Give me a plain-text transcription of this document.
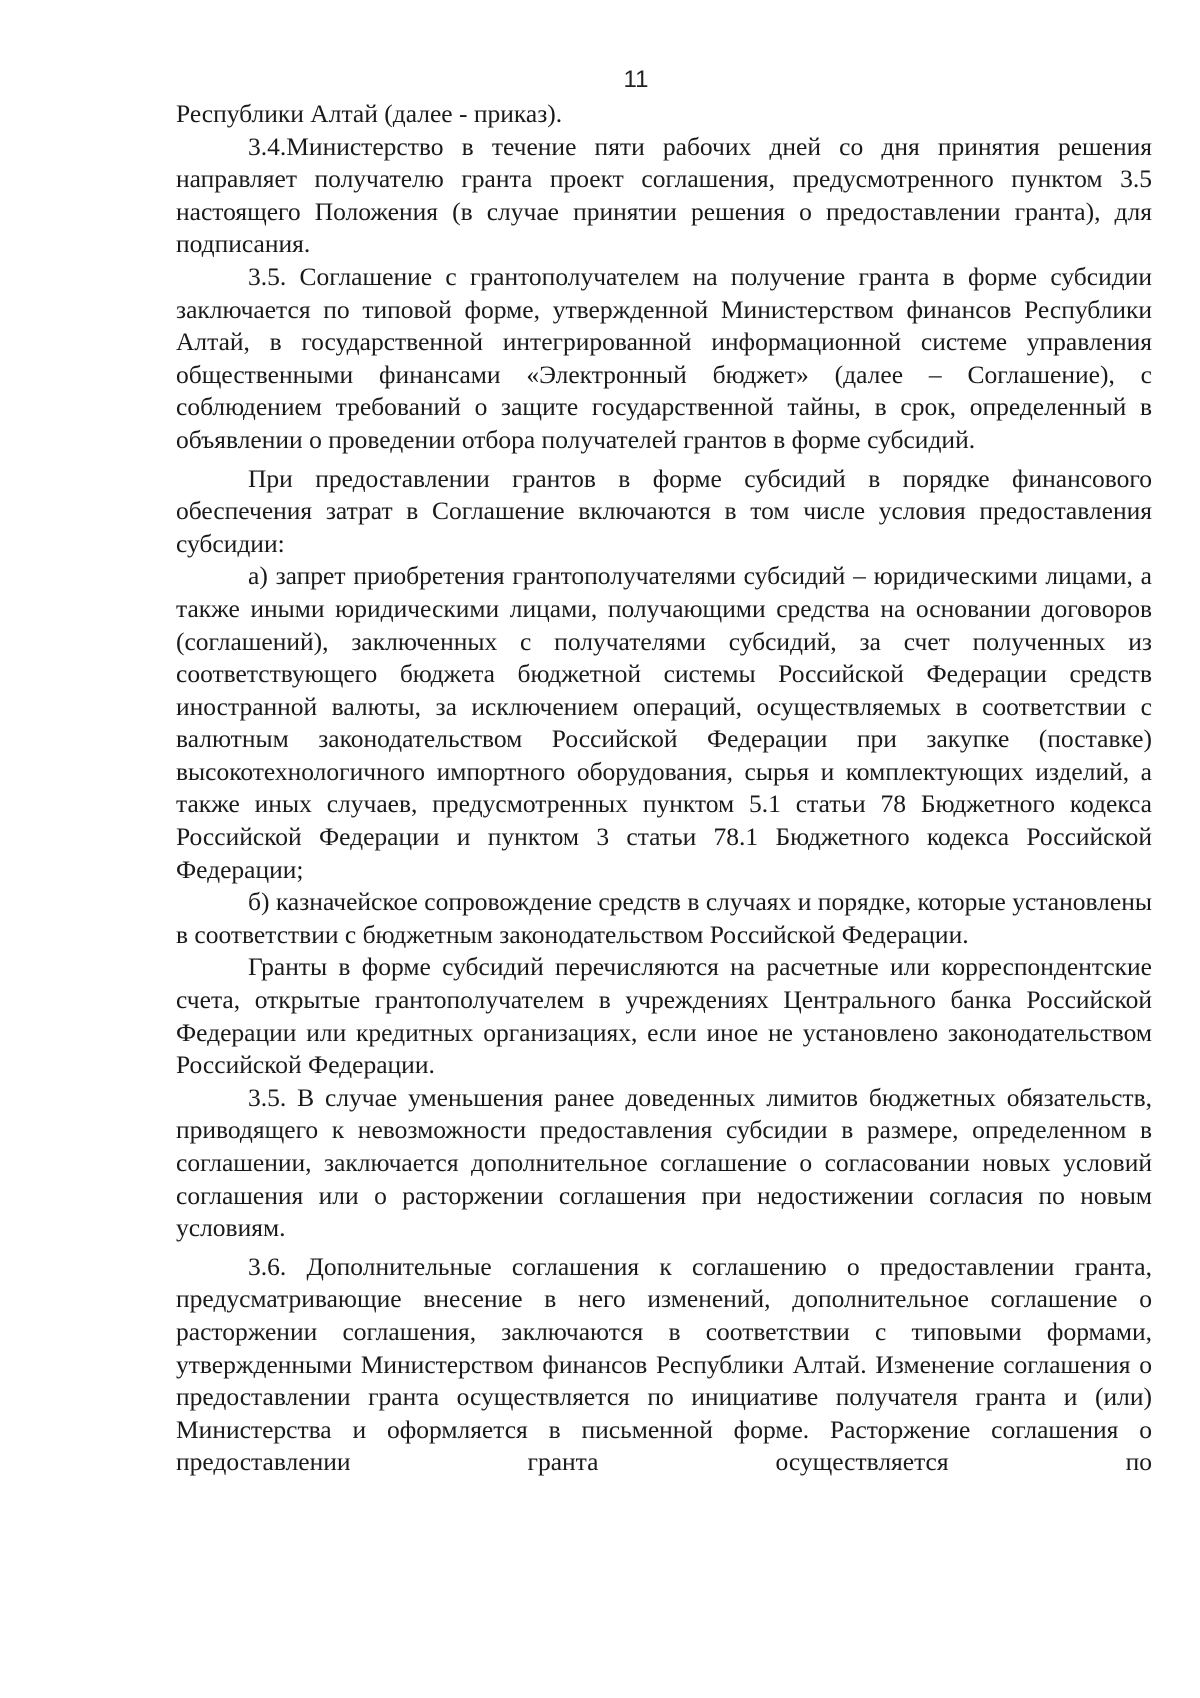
11

Республики Алтай (далее - приказ).

3.4.Министерство в течение пяти рабочих дней со дня принятия решения направляет получателю гранта проект соглашения, предусмотренного пунктом 3.5 настоящего Положения (в случае принятии решения о предоставлении гранта), для подписания.

3.5. Соглашение с грантополучателем на получение гранта в форме субсидии заключается по типовой форме, утвержденной Министерством финансов Республики Алтай, в государственной интегрированной информационной системе управления общественными финансами «Электронный бюджет» (далее – Соглашение), с соблюдением требований о защите государственной тайны, в срок, определенный в объявлении о проведении отбора получателей грантов в форме субсидий.

При предоставлении грантов в форме субсидий в порядке финансового обеспечения затрат в Соглашение включаются в том числе условия предоставления субсидии:

а) запрет приобретения грантополучателями субсидий – юридическими лицами, а также иными юридическими лицами, получающими средства на основании договоров (соглашений), заключенных с получателями субсидий, за счет полученных из соответствующего бюджета бюджетной системы Российской Федерации средств иностранной валюты, за исключением операций, осуществляемых в соответствии с валютным законодательством Российской Федерации при закупке (поставке) высокотехнологичного импортного оборудования, сырья и комплектующих изделий, а также иных случаев, предусмотренных пунктом 5.1 статьи 78 Бюджетного кодекса Российской Федерации и пунктом 3 статьи 78.1 Бюджетного кодекса Российской Федерации;

б) казначейское сопровождение средств в случаях и порядке, которые установлены в соответствии с бюджетным законодательством Российской Федерации.

Гранты в форме субсидий перечисляются на расчетные или корреспондентские счета, открытые грантополучателем в учреждениях Центрального банка Российской Федерации или кредитных организациях, если иное не установлено законодательством Российской Федерации.

3.5. В случае уменьшения ранее доведенных лимитов бюджетных обязательств, приводящего к невозможности предоставления субсидии в размере, определенном в соглашении, заключается дополнительное соглашение о согласовании новых условий соглашения или о расторжении соглашения при недостижении согласия по новым условиям.

3.6. Дополнительные соглашения к соглашению о предоставлении гранта, предусматривающие внесение в него изменений, дополнительное соглашение о расторжении соглашения, заключаются в соответствии с типовыми формами, утвержденными Министерством финансов Республики Алтай. Изменение соглашения о предоставлении гранта осуществляется по инициативе получателя гранта и (или) Министерства и оформляется в письменной форме. Расторжение соглашения о предоставлении гранта осуществляется по
